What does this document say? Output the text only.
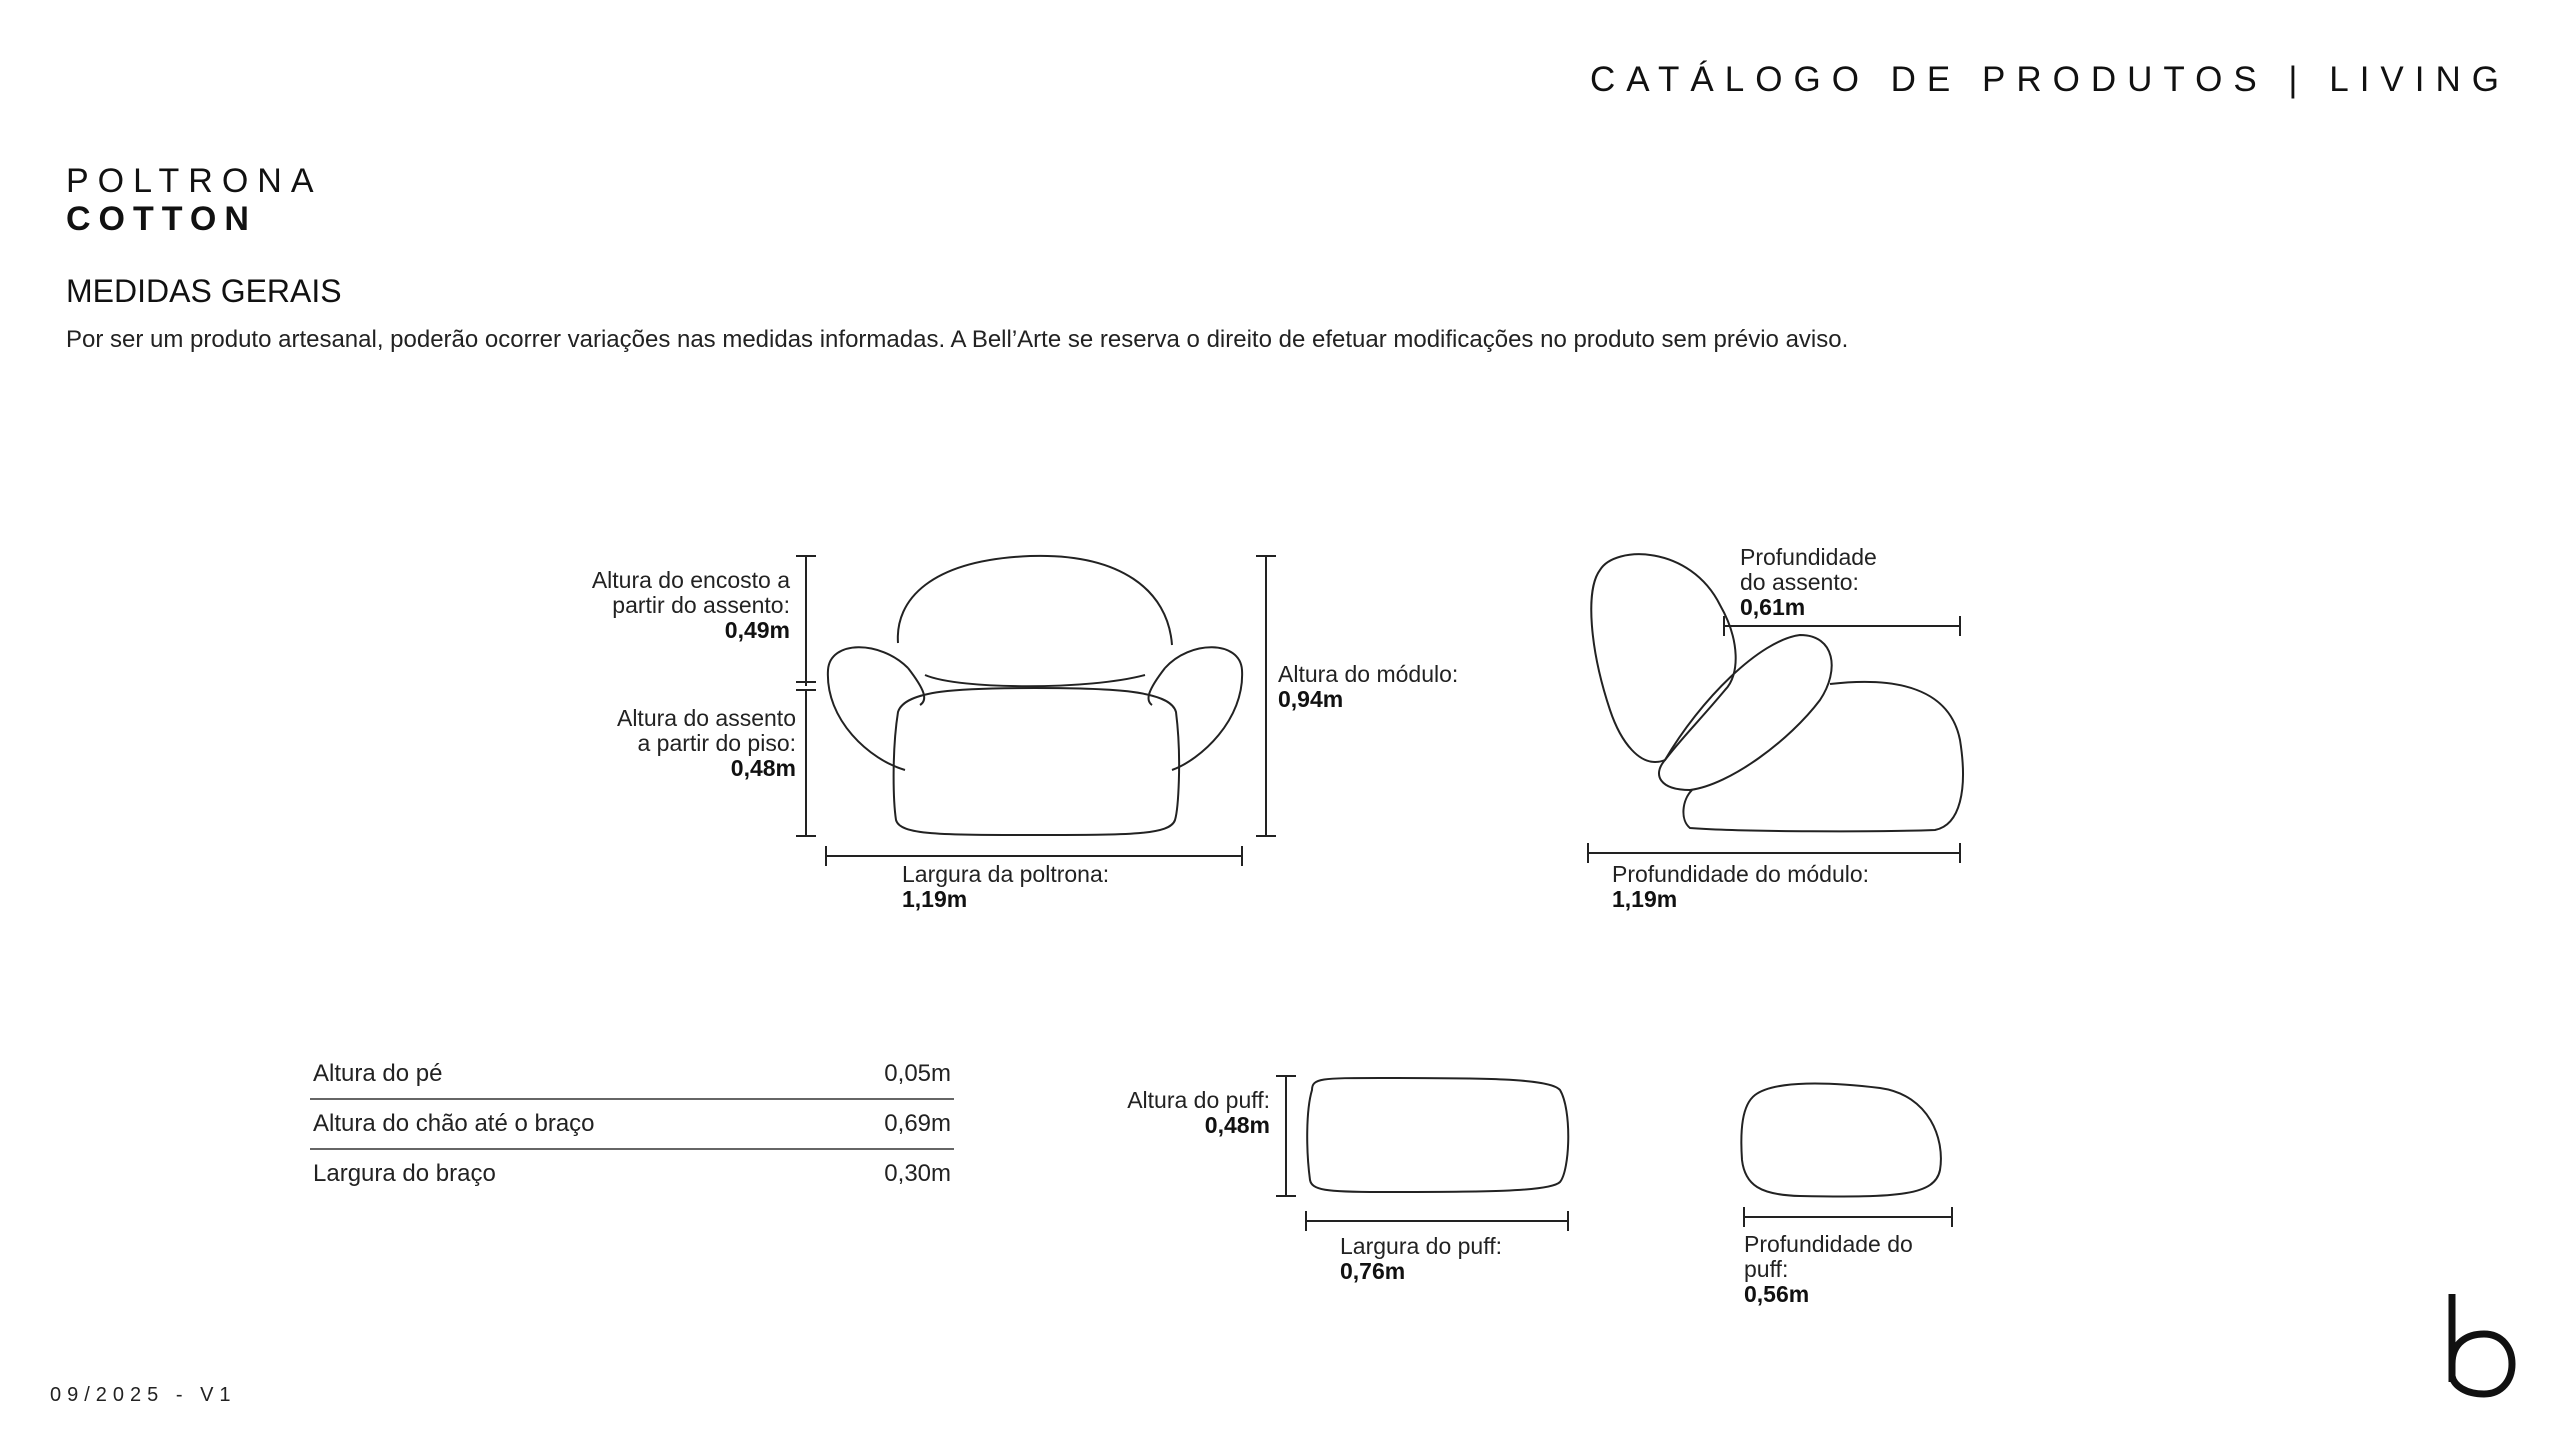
CATÁLOGO DE PRODUTOS | LIVING
POLTRONA
COTTON
MEDIDAS GERAIS
Por ser um produto artesanal, poderão ocorrer variações nas medidas informadas. A Bell’Arte se reserva o direito de efetuar modificações no produto sem prévio aviso.
Altura do encosto a
partir do assento:
0,49m
Altura do assento
a partir do piso:
0,48m
Altura do módulo:
0,94m
Largura da poltrona:
1,19m
Profundidade
do assento:
0,61m
Profundidade do módulo:
1,19m
Altura do pé	0,05m
Altura do chão até o braço	0,69m
Largura do braço	0,30m
Altura do puff:
0,48m
Largura do puff:
0,76m
Profundidade do
puff:
0,56m
09/2025 - V1
